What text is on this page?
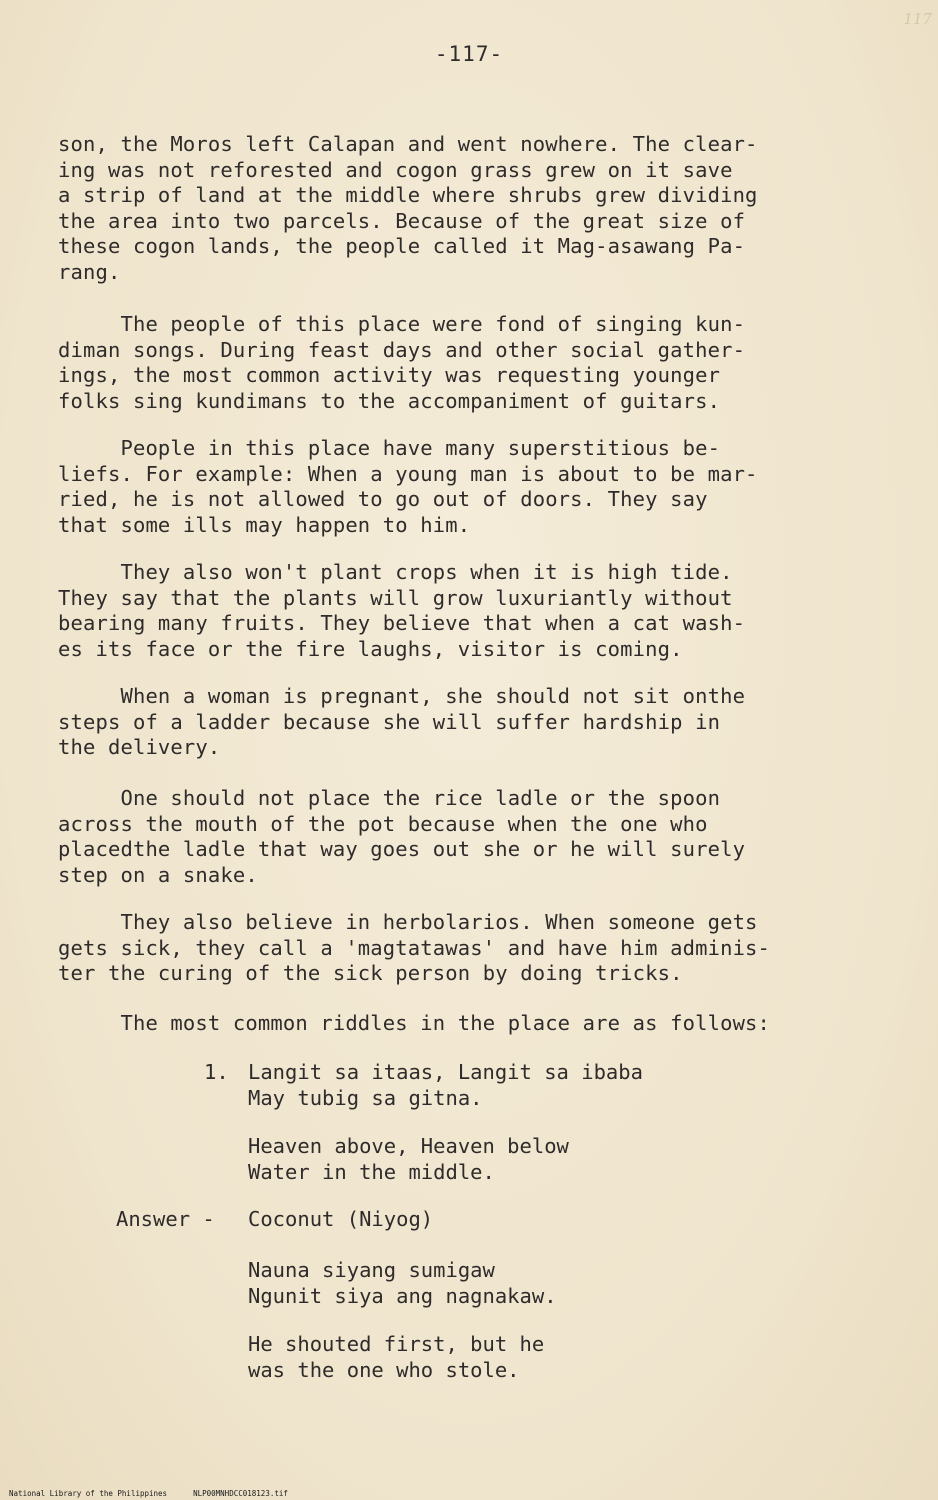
117
-117-
son, the Moros left Calapan and went nowhere. The clear-
ing was not reforested and cogon grass grew on it save
a strip of land at the middle where shrubs grew dividing
the area into two parcels. Because of the great size of
these cogon lands, the people called it Mag-asawang Pa-
rang.
The people of this place were fond of singing kun-
diman songs. During feast days and other social gather-
ings, the most common activity was requesting younger
folks sing kundimans to the accompaniment of guitars.
People in this place have many superstitious be-
liefs. For example: When a young man is about to be mar-
ried, he is not allowed to go out of doors. They say
that some ills may happen to him.
They also won't plant crops when it is high tide.
They say that the plants will grow luxuriantly without
bearing many fruits. They believe that when a cat wash-
es its face or the fire laughs, visitor is coming.
When a woman is pregnant, she should not sit onthe
steps of a ladder because she will suffer hardship in
the delivery.
One should not place the rice ladle or the spoon
across the mouth of the pot because when the one who
placedthe ladle that way goes out she or he will surely
step on a snake.
They also believe in herbolarios. When someone gets
gets sick, they call a 'magtatawas' and have him adminis-
ter the curing of the sick person by doing tricks.
The most common riddles in the place are as follows:
1. Langit sa itaas, Langit sa ibaba
May tubig sa gitna.
Heaven above, Heaven below
Water in the middle.
Answer - Coconut (Niyog)
Nauna siyang sumigaw
Ngunit siya ang nagnakaw.
He shouted first, but he
was the one who stole.

National Library of the Philippines	NLP00MNHDCC018123.tif
